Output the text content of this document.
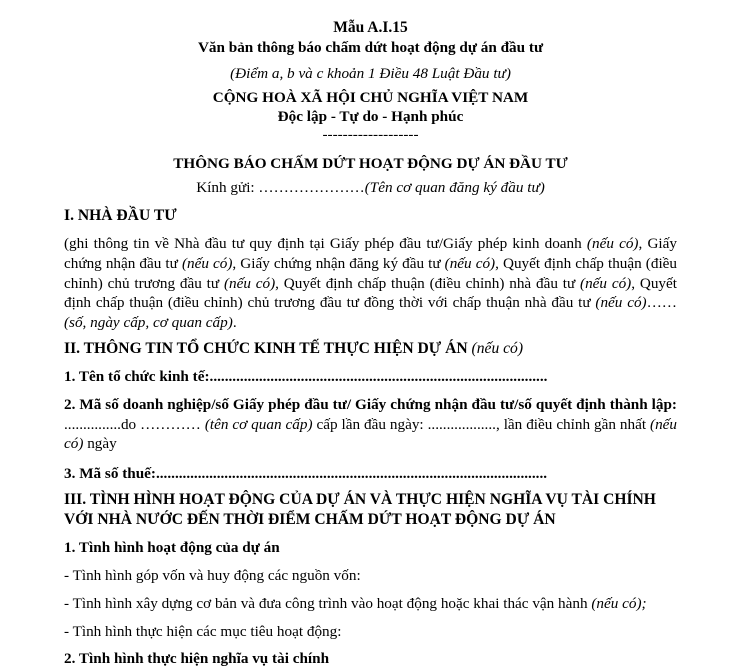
Mẫu A.I.15

Văn bản thông báo chấm dứt hoạt động dự án đầu tư

(Điểm a, b và c khoản 1 Điều 48 Luật Đầu tư)

CỘNG HOÀ XÃ HỘI CHỦ NGHĨA VIỆT NAM

Độc lập - Tự do - Hạnh phúc

-------------------

THÔNG BÁO CHẤM DỨT HOẠT ĐỘNG DỰ ÁN ĐẦU TƯ

Kính gửi: …………………(Tên cơ quan đăng ký đầu tư)

I. NHÀ ĐẦU TƯ

(ghi thông tin về Nhà đầu tư quy định tại Giấy phép đầu tư/Giấy phép kinh doanh (nếu có), Giấy chứng nhận đầu tư (nếu có), Giấy chứng nhận đăng ký đầu tư (nếu có), Quyết định chấp thuận (điều chỉnh) chủ trương đầu tư (nếu có), Quyết định chấp thuận (điều chỉnh) nhà đầu tư (nếu có), Quyết định chấp thuận (điều chỉnh) chủ trương đầu tư đồng thời với chấp thuận nhà đầu tư (nếu có)…… (số, ngày cấp, cơ quan cấp).

II. THÔNG TIN TỔ CHỨC KINH TẾ THỰC HIỆN DỰ ÁN (nếu có)

1. Tên tổ chức kinh tế:.........................................................................................

2. Mã số doanh nghiệp/số Giấy phép đầu tư/ Giấy chứng nhận đầu tư/số quyết định thành lập: ...............do ………… (tên cơ quan cấp) cấp lần đầu ngày: .................., lần điều chỉnh gần nhất (nếu có) ngày

3. Mã số thuế:.......................................................................................................

III. TÌNH HÌNH HOẠT ĐỘNG CỦA DỰ ÁN VÀ THỰC HIỆN NGHĨA VỤ TÀI CHÍNH VỚI NHÀ NƯỚC ĐẾN THỜI ĐIỂM CHẤM DỨT HOẠT ĐỘNG DỰ ÁN

1. Tình hình hoạt động của dự án

- Tình hình góp vốn và huy động các nguồn vốn:

- Tình hình xây dựng cơ bản và đưa công trình vào hoạt động hoặc khai thác vận hành (nếu có);

- Tình hình thực hiện các mục tiêu hoạt động:

2. Tình hình thực hiện nghĩa vụ tài chính
